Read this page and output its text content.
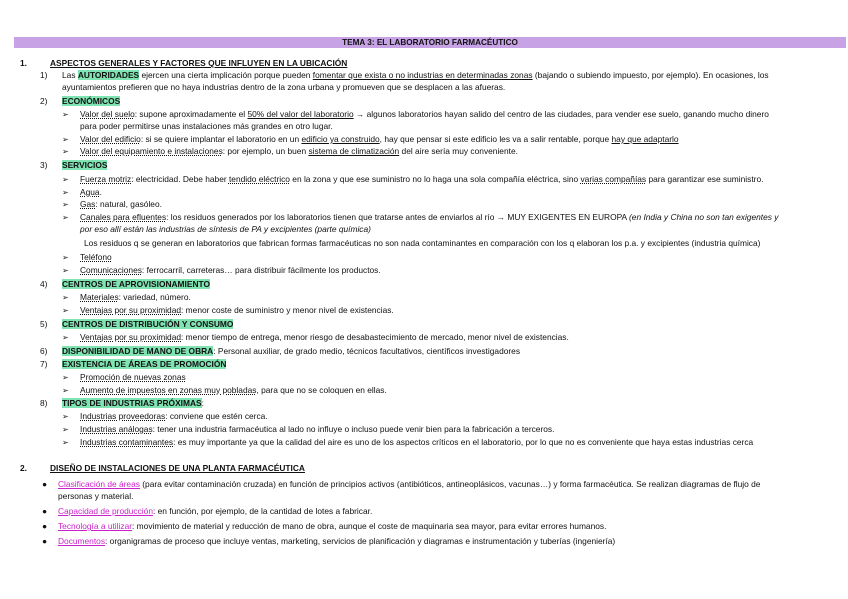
TEMA 3: EL LABORATORIO FARMACÉUTICO
1.	ASPECTOS GENERALES Y FACTORES QUE INFLUYEN EN LA UBICACIÓN
1) Las AUTORIDADES ejercen una cierta implicación porque pueden fomentar que exista o no industrias en determinadas zonas (bajando o subiendo impuesto, por ejemplo). En ocasiones, los
ayuntamientos prefieren que no haya industrias dentro de la zona urbana y promueven que se desplacen a las afueras.
2) ECONÓMICOS
➢ Valor del suelo: supone aproximadamente el 50% del valor del laboratorio → algunos laboratorios hayan salido del centro de las ciudades, para vender ese suelo, ganando mucho dinero
para poder permitirse unas instalaciones más grandes en otro lugar.
➢ Valor del edificio: si se quiere implantar el laboratorio en un edificio ya construido, hay que pensar si este edificio les va a salir rentable, porque hay que adaptarlo
➢ Valor del equipamiento e instalaciones: por ejemplo, un buen sistema de climatización del aire sería muy conveniente.
3) SERVICIOS
➢ Fuerza motriz: electricidad. Debe haber tendido eléctrico en la zona y que ese suministro no lo haga una sola compañía eléctrica, sino varias compañías para garantizar ese suministro.
➢ Agua.
➢ Gas: natural, gasóleo.
➢ Canales para efluentes: los residuos generados por los laboratorios tienen que tratarse antes de enviarlos al río → MUY EXIGENTES EN EUROPA (en India y China no son tan exigentes y
por eso allí están las industrias de síntesis de PA y excipientes (parte química)
Los residuos q se generan en laboratorios que fabrican formas farmacéuticas no son nada contaminantes en comparación con los q elaboran los p.a. y excipientes (industria química)
➢ Teléfono
➢ Comunicaciones: ferrocarril, carreteras… para distribuir fácilmente los productos.
4) CENTROS DE APROVISIONAMIENTO
➢ Materiales: variedad, número.
➢ Ventajas por su proximidad: menor coste de suministro y menor nivel de existencias.
5) CENTROS DE DISTRIBUCIÓN Y CONSUMO
➢ Ventajas por su proximidad: menor tiempo de entrega, menor riesgo de desabastecimiento de mercado, menor nivel de existencias.
6) DISPONIBILIDAD DE MANO DE OBRA: Personal auxiliar, de grado medio, técnicos facultativos, científicos investigadores
7) EXISTENCIA DE ÁREAS DE PROMOCIÓN
➢ Promoción de nuevas zonas
➢ Aumento de impuestos en zonas muy pobladas, para que no se coloquen en ellas.
8) TIPOS DE INDUSTRIAS PRÓXIMAS:
➢ Industrias proveedoras: conviene que estén cerca.
➢ Industrias análogas: tener una industria farmacéutica al lado no influye o incluso puede venir bien para la fabricación a terceros.
➢ Industrias contaminantes: es muy importante ya que la calidad del aire es uno de los aspectos críticos en el laboratorio, por lo que no es conveniente que haya estas industrias cerca
2.	DISEÑO DE INSTALACIONES DE UNA PLANTA FARMACÉUTICA
● Clasificación de áreas (para evitar contaminación cruzada) en función de principios activos (antibióticos, antineoplásicos, vacunas…) y forma farmacéutica. Se realizan diagramas de flujo de
personas y material.
● Capacidad de producción: en función, por ejemplo, de la cantidad de lotes a fabricar.
● Tecnología a utilizar: movimiento de material y reducción de mano de obra, aunque el coste de maquinaria sea mayor, para evitar errores humanos.
● Documentos: organigramas de proceso que incluye ventas, marketing, servicios de planificación y diagramas e instrumentación y tuberías (ingeniería)
